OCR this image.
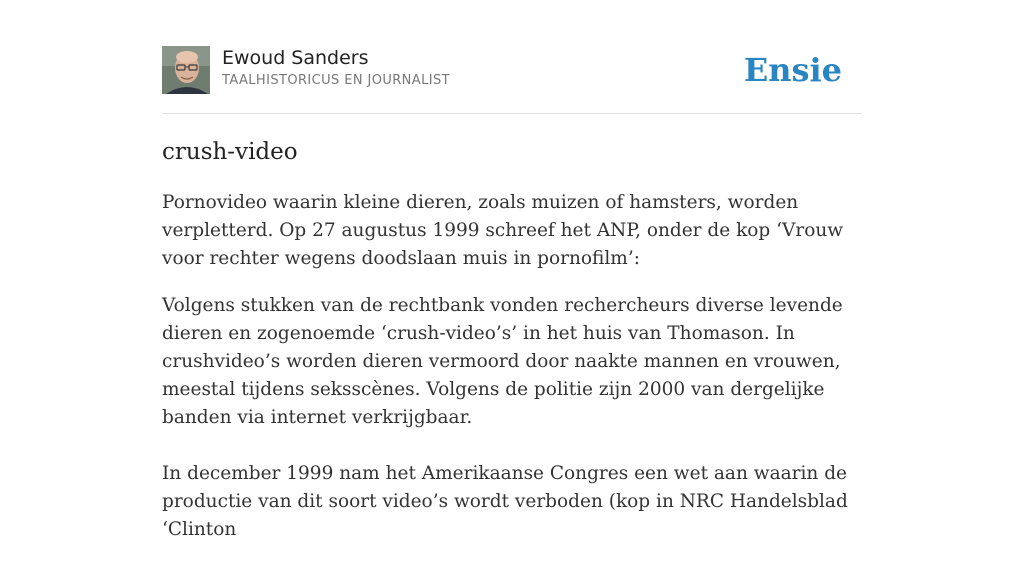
Ewoud Sanders
TAALHISTORICUS EN JOURNALIST	Ensie
crush-video

Pornovideo waarin kleine dieren, zoals muizen of hamsters, worden verpletterd. Op 27 augustus 1999 schreef het ANP, onder de kop ‘Vrouw voor rechter wegens doodslaan muis in pornofilm’:

Volgens stukken van de rechtbank vonden rechercheurs diverse levende dieren en zogenoemde ‘crush-video’s’ in het huis van Thomason. In crushvideo’s worden dieren vermoord door naakte mannen en vrouwen, meestal tijdens seksscènes. Volgens de politie zijn 2000 van dergelijke banden via internet verkrijgbaar.

In december 1999 nam het Amerikaanse Congres een wet aan waarin de productie van dit soort video’s wordt verboden (kop in NRC Handelsblad ‘Clinton
